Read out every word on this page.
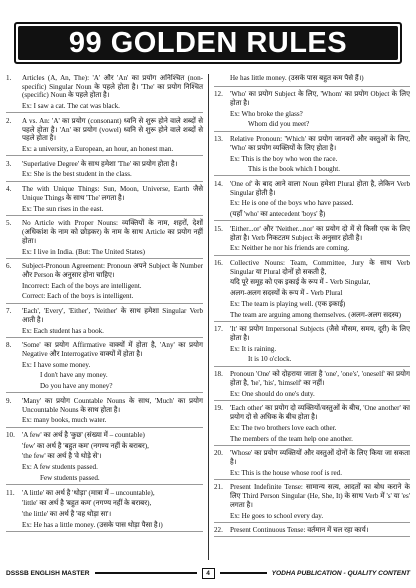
99 GOLDEN RULES
1.	Articles (A, An, The): 'A' और 'An' का प्रयोग अनिश्चित (non-specific) Singular Noun के पहले होता है। 'The' का प्रयोग निश्चित (specific) Noun के पहले होता है।
Ex: I saw a cat. The cat was black.
2.	A vs. An: 'A' का प्रयोग (consonant) ध्वनि से शुरू होने वाले शब्दों से पहले होता है। 'An' का प्रयोग (vowel) ध्वनि से शुरू होने वाले शब्दों से पहले होता है।
Ex: a university, a European, an hour, an honest man.
3.	'Superlative Degree' के साथ हमेशा 'The' का प्रयोग होता है।
Ex: She is the best student in the class.
4.	The with Unique Things: Sun, Moon, Universe, Earth जैसे Unique Things के साथ 'The' लगता है।
Ex: The sun rises in the east.
5.	No Article with Proper Nouns: व्यक्तियों के नाम, शहरों, देशों (अधिकांश के नाम को छोड़कर) के नाम के साथ Article का प्रयोग नहीं होता।
Ex: I live in India. (But: The United States)
6.	Subject-Pronoun Agreement: Pronoun अपने Subject के Number और Person के अनुसार होना चाहिए।
Incorrect: Each of the boys are intelligent.
Correct: Each of the boys is intelligent.
7.	'Each', 'Every', 'Either', 'Neither' के साथ हमेशा Singular Verb आती है।
Ex: Each student has a book.
8.	'Some' का प्रयोग Affirmative वाक्यों में होता है, 'Any' का प्रयोग Negative और Interrogative वाक्यों में होता है।
Ex: I have some money.
I don't have any money.
Do you have any money?
9.	'Many' का प्रयोग Countable Nouns के साथ, 'Much' का प्रयोग Uncountable Nouns के साथ होता है।
Ex: many books, much water.
10.	'A few' का अर्थ है 'कुछ' (संख्या में – countable)
'few' का अर्थ है 'बहुत कम' (नगण्य नहीं के बराबर),
'the few' का अर्थ है 'वे थोड़े से'।
Ex: A few students passed.
Few students passed.
11.	'A little' का अर्थ है 'थोड़ा' (मात्रा में – uncountable),
'little' का अर्थ है 'बहुत कम' (नगण्य नहीं के बराबर),
'the little' का अर्थ है 'वह थोड़ा सा'।
Ex: He has a little money. (उसके पास थोड़ा पैसा है।)
He has little money. (उसके पास बहुत कम पैसे हैं।)
12.	'Who' का प्रयोग Subject के लिए, 'Whom' का प्रयोग Object के लिए होता है।
Ex: Who broke the glass?
Whom did you meet?
13.	Relative Pronoun: 'Which' का प्रयोग जानवरों और वस्तुओं के लिए, 'Who' का प्रयोग व्यक्तियों के लिए होता है।
Ex: This is the boy who won the race.
This is the book which I bought.
14.	'One of' के बाद आने वाला Noun हमेशा Plural होता है, लेकिन Verb Singular होती है।
Ex: He is one of the boys who have passed.
(यहाँ 'who' का antecedent 'boys' है)
15.	'Either...or' और 'Neither...nor' का प्रयोग दो में से किसी एक के लिए होता है। Verb निकटतम Subject के अनुसार होती है।
Ex: Neither he nor his friends are coming.
16.	Collective Nouns: Team, Committee, Jury के साथ Verb Singular या Plural दोनों हो सकती है,
यदि पूरे समूह को एक इकाई के रूप में - Verb Singular,
अलग-अलग सदस्यों के रूप में - Verb Plural
Ex: The team is playing well. (एक इकाई)
The team are arguing among themselves. (अलग-अलग सदस्य)
17.	'It' का प्रयोग Impersonal Subjects (जैसे मौसम, समय, दूरी) के लिए होता है।
Ex: It is raining.
It is 10 o'clock.
18.	Pronoun 'One' को दोहराया जाता है 'one', 'one's', 'oneself' का प्रयोग होता है, 'he', 'his', 'himself' का नहीं।
Ex: One should do one's duty.
19.	'Each other' का प्रयोग दो व्यक्तियों/वस्तुओं के बीच, 'One another' का प्रयोग दो से अधिक के बीच होता है।
Ex: The two brothers love each other.
The members of the team help one another.
20.	'Whose' का प्रयोग व्यक्तियों और वस्तुओं दोनों के लिए किया जा सकता है।
Ex: This is the house whose roof is red.
21.	Present Indefinite Tense: सामान्य सत्य, आदतों का बोध कराने के लिए Third Person Singular (He, She, It) के साथ Verb में 's' या 'es' लगता है।
Ex: He goes to school every day.
22.	Present Continuous Tense: वर्तमान में चल रहा कार्य।
DSSSB ENGLISH MASTER	4	YODHA PUBLICATION - QUALITY CONTENT
